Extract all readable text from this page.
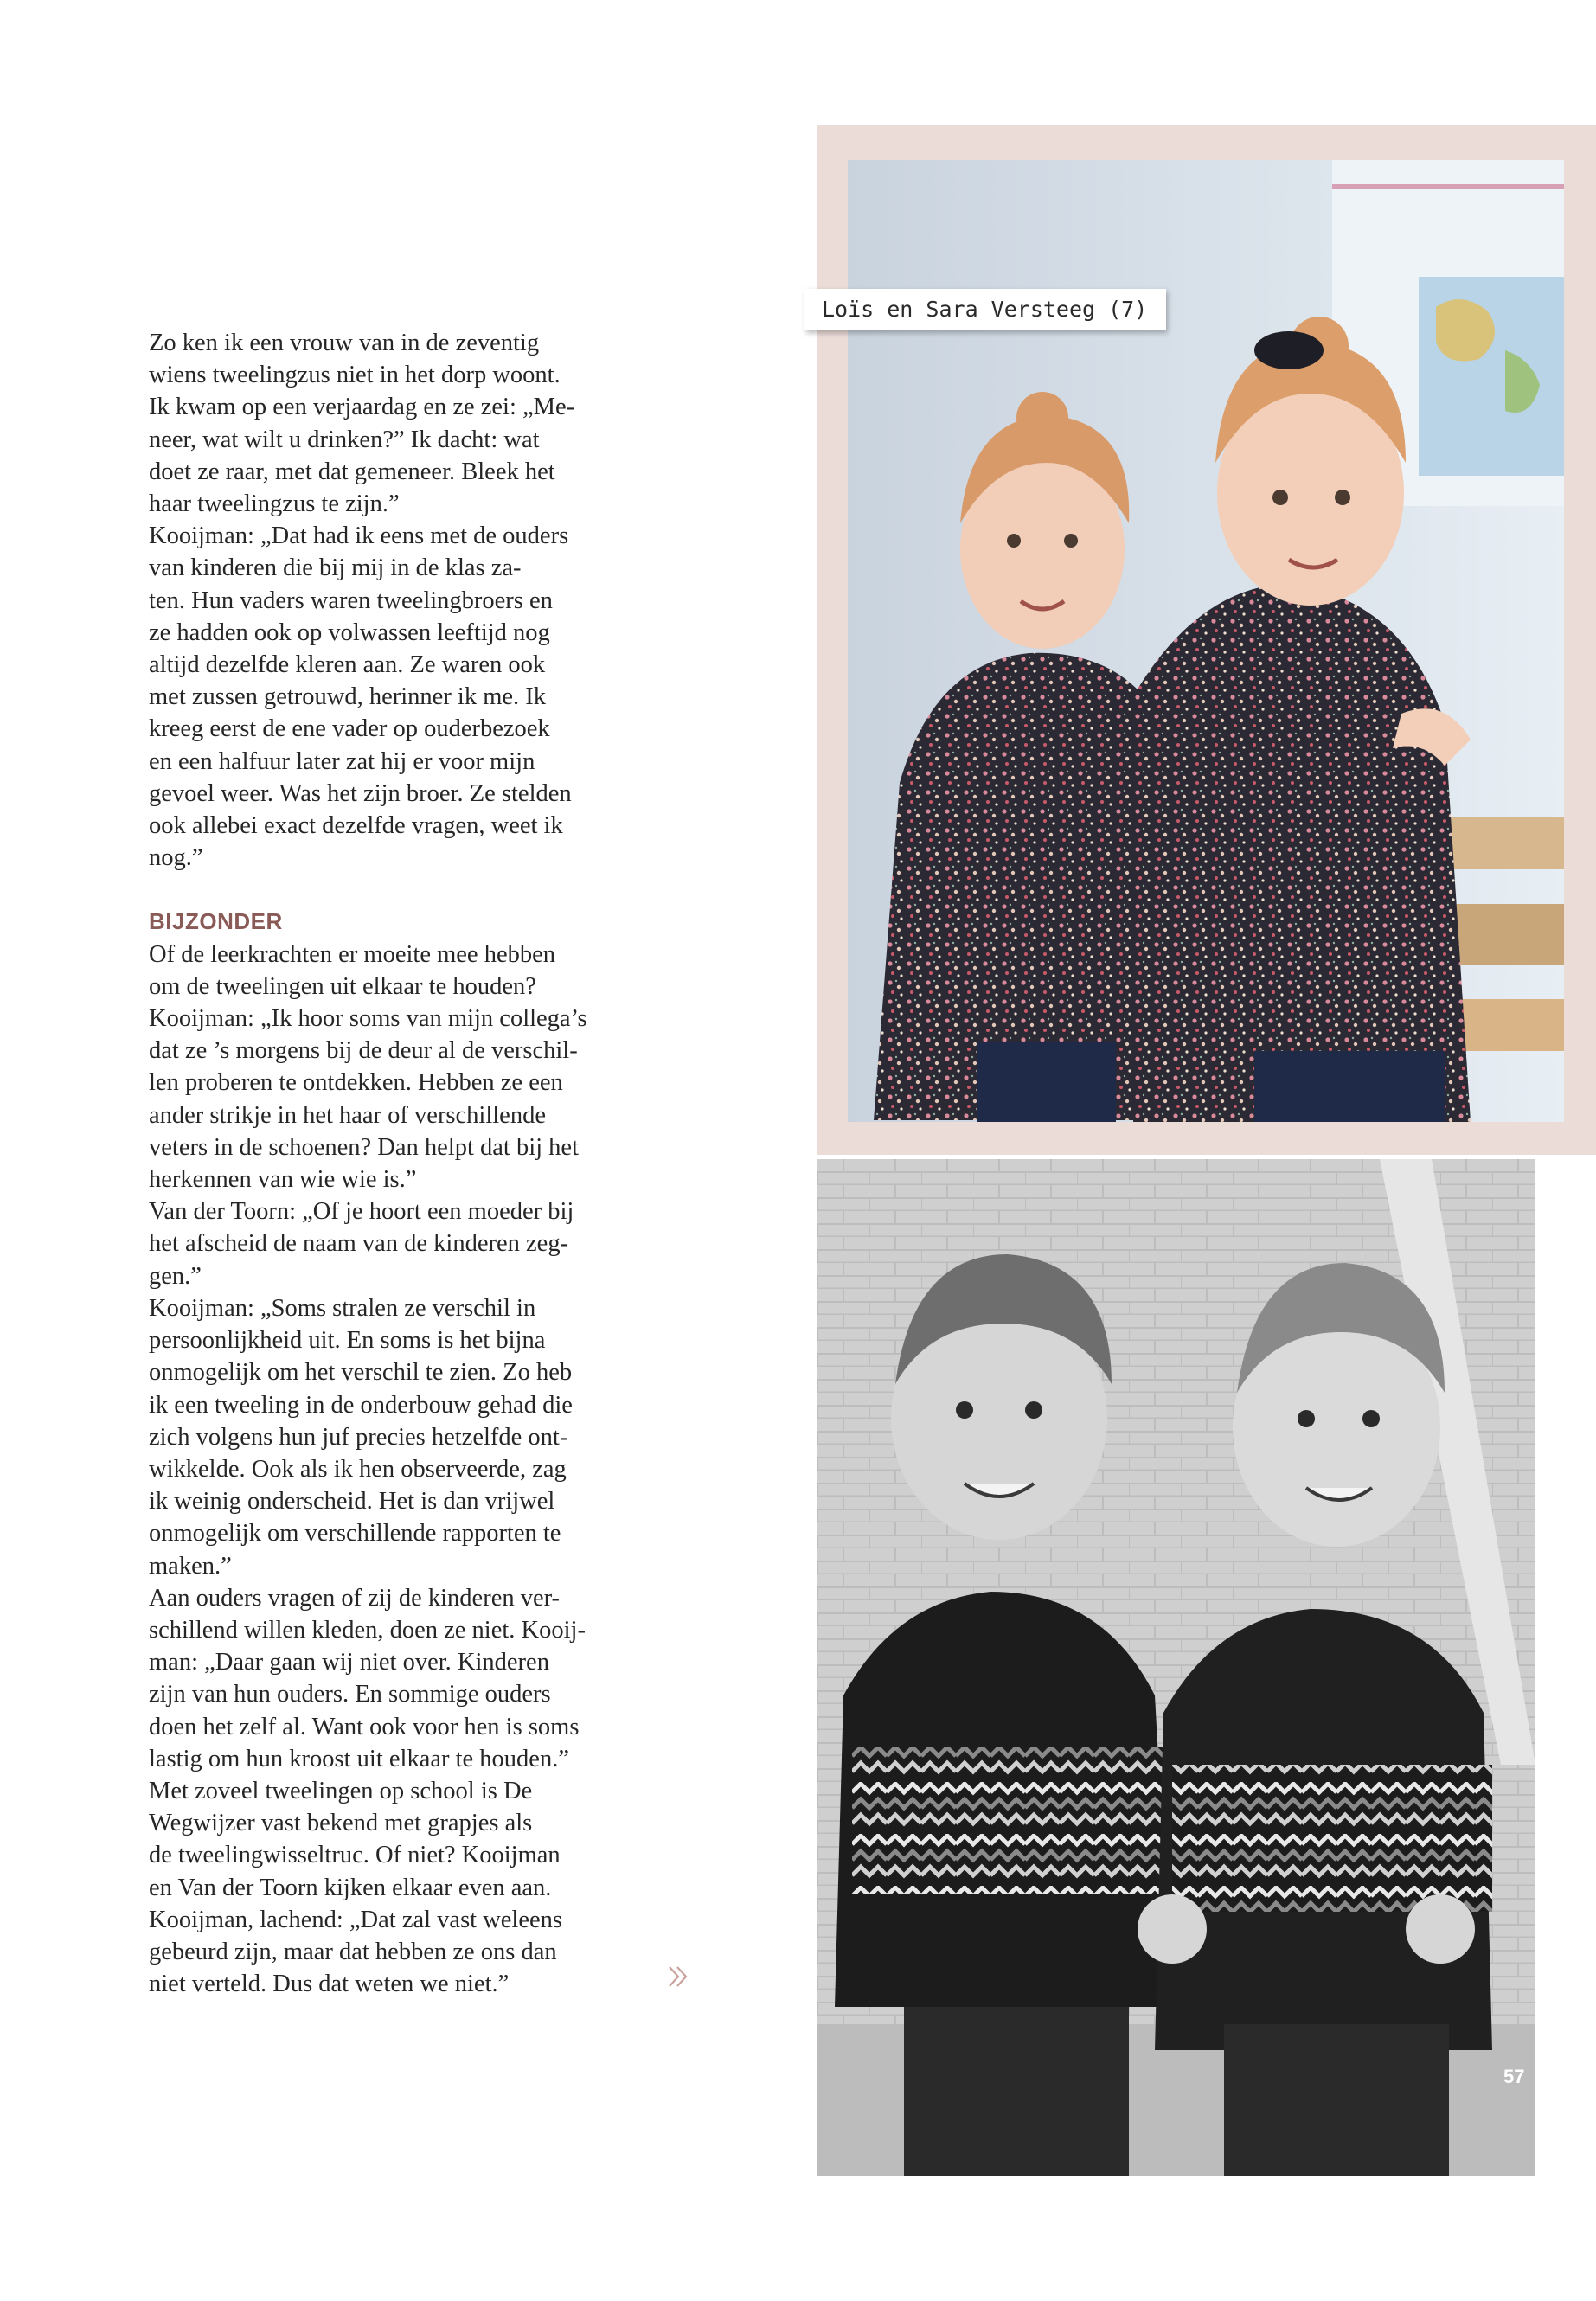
Zo ken ik een vrouw van in de zeventig
wiens tweelingzus niet in het dorp woont.
Ik kwam op een verjaardag en ze zei: „Me-
neer, wat wilt u drinken?” Ik dacht: wat
doet ze raar, met dat gemeneer. Bleek het
haar tweelingzus te zijn.”

Kooijman: „Dat had ik eens met de ouders
van kinderen die bij mij in de klas za-
ten. Hun vaders waren tweelingbroers en
ze hadden ook op volwassen leeftijd nog
altijd dezelfde kleren aan. Ze waren ook
met zussen getrouwd, herinner ik me. Ik
kreeg eerst de ene vader op ouderbezoek
en een halfuur later zat hij er voor mijn
gevoel weer. Was het zijn broer. Ze stelden
ook allebei exact dezelfde vragen, weet ik
nog.”

BIJZONDER

Of de leerkrachten er moeite mee hebben
om de tweelingen uit elkaar te houden?

Kooijman: „Ik hoor soms van mijn collega’s
dat ze ’s morgens bij de deur al de verschil-
len proberen te ontdekken. Hebben ze een
ander strikje in het haar of verschillende
veters in de schoenen? Dan helpt dat bij het
herkennen van wie wie is.”

Van der Toorn: „Of je hoort een moeder bij
het afscheid de naam van de kinderen zeg-
gen.”

Kooijman: „Soms stralen ze verschil in
persoonlijkheid uit. En soms is het bijna
onmogelijk om het verschil te zien. Zo heb
ik een tweeling in de onderbouw gehad die
zich volgens hun juf precies hetzelfde ont-
wikkelde. Ook als ik hen observeerde, zag
ik weinig onderscheid. Het is dan vrijwel
onmogelijk om verschillende rapporten te
maken.”

Aan ouders vragen of zij de kinderen ver-
schillend willen kleden, doen ze niet. Kooij-
man: „Daar gaan wij niet over. Kinderen
zijn van hun ouders. En sommige ouders
doen het zelf al. Want ook voor hen is soms
lastig om hun kroost uit elkaar te houden.”

Met zoveel tweelingen op school is De
Wegwijzer vast bekend met grapjes als
de tweelingwisseltruc. Of niet? Kooijman
en Van der Toorn kijken elkaar even aan.
Kooijman, lachend: „Dat zal vast weleens
gebeurd zijn, maar dat hebben ze ons dan
niet verteld. Dus dat weten we niet.”

Loïs en Sara Versteeg (7)
57
